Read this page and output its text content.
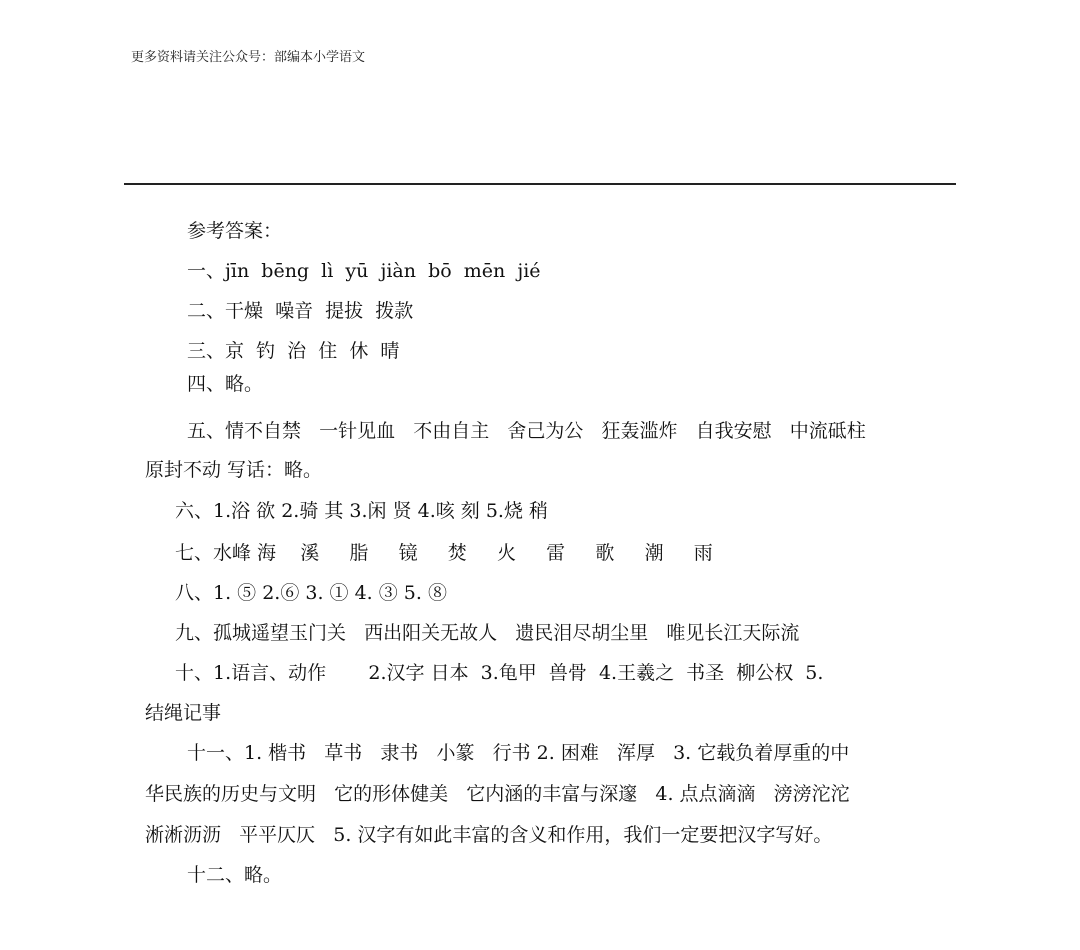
更多资料请关注公众号：部编本小学语文
参考答案：
一、jīn  bēng  lì  yū  jiàn  bō  mēn  jié
二、干燥  噪音  提拔  拨款
三、京  钓  治  住  休  晴
四、略。
五、情不自禁   一针见血   不由自主   舍己为公   狂轰滥炸   自我安慰   中流砥柱
原封不动 写话：略。
六、1.浴 欲 2.骑 其 3.闲 贤 4.咳 刻 5.烧 稍
七、水峰 海    溪     脂     镜     焚     火     雷     歌     潮     雨
八、1. ⑤ 2.⑥ 3. ① 4. ③ 5. ⑧
九、孤城遥望玉门关   西出阳关无故人   遗民泪尽胡尘里   唯见长江天际流
十、1.语言、动作       2.汉字 日本  3.龟甲  兽骨  4.王羲之  书圣  柳公权  5.
结绳记事
十一、1. 楷书   草书   隶书   小篆   行书 2. 困难   浑厚   3. 它载负着厚重的中
华民族的历史与文明   它的形体健美   它内涵的丰富与深邃   4. 点点滴滴   滂滂沱沱
淅淅沥沥   平平仄仄   5. 汉字有如此丰富的含义和作用，我们一定要把汉字写好。
十二、略。
